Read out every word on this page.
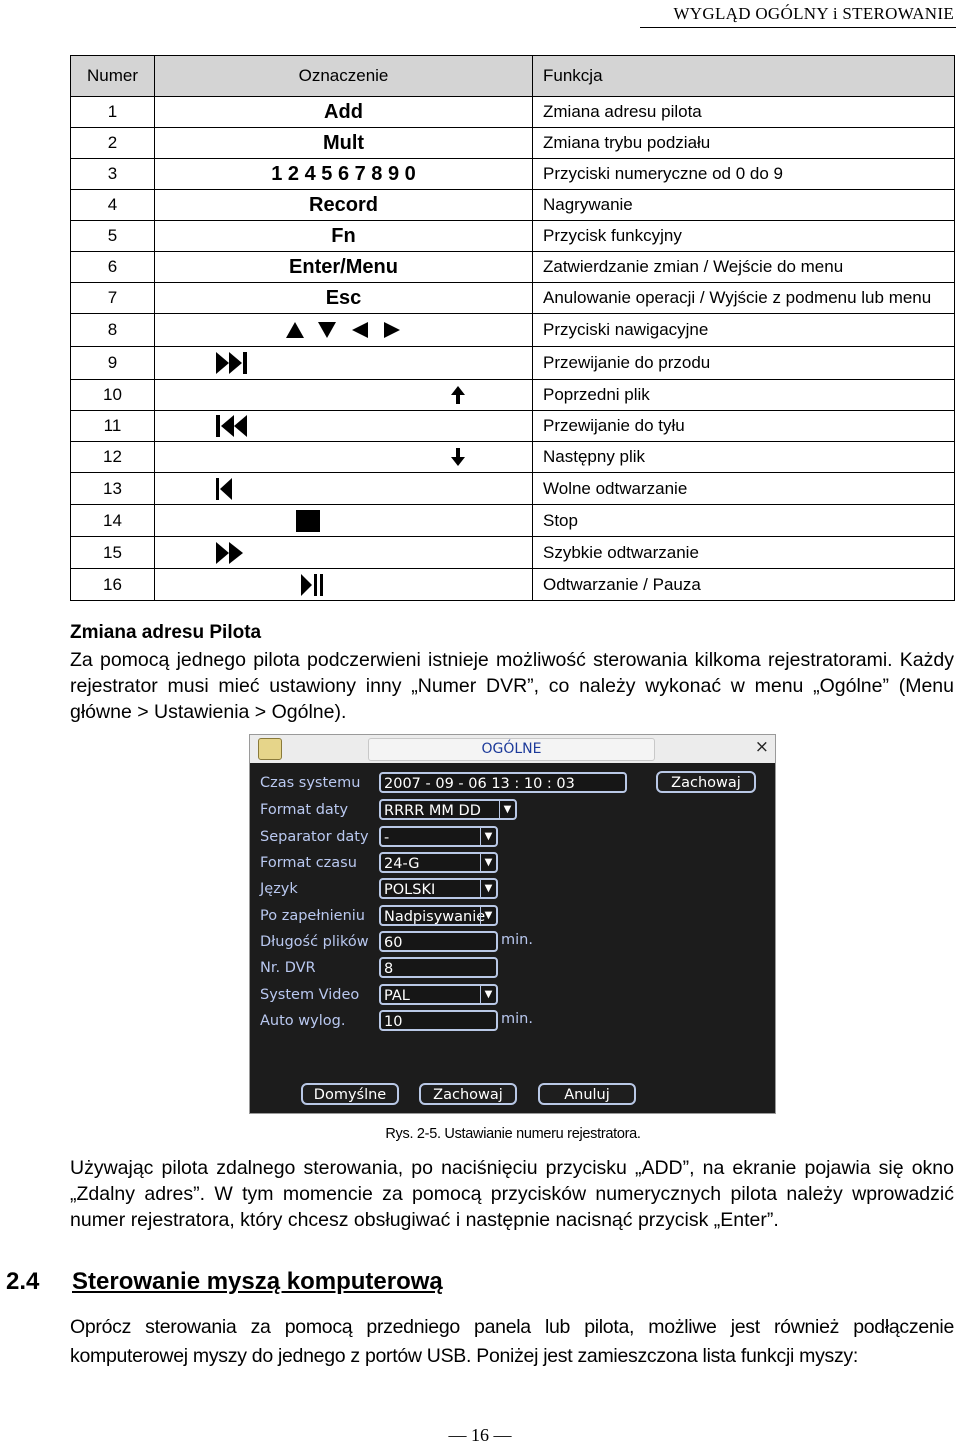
WYGLĄD OGÓLNY i STEROWANIE
Numer	Oznaczenie	Funkcja
1	Add	Zmiana adresu pilota
2	Mult	Zmiana trybu podziału
3	1 2 4 5 6 7 8 9 0	Przyciski numeryczne od 0 do 9
4	Record	Nagrywanie
5	Fn	Przycisk funkcyjny
6	Enter/Menu	Zatwierdzanie zmian / Wejście do menu
7	Esc	Anulowanie operacji / Wyjście z podmenu lub menu
8		Przyciski nawigacyjne
9		Przewijanie do przodu
10		Poprzedni plik
11		Przewijanie do tyłu
12		Następny plik
13		Wolne odtwarzanie
14		Stop
15		Szybkie odtwarzanie
16		Odtwarzanie / Pauza
Zmiana adresu Pilota
Za pomocą jednego pilota podczerwieni istnieje możliwość sterowania kilkoma rejestratorami. Każdy rejestrator musi mieć ustawiony inny „Numer DVR”, co należy wykonać w menu „Ogólne” (Menu główne > Ustawienia > Ogólne).
OGÓLNE	×
Czas systemu	2007 - 09 - 06 13 : 10 : 03	Zachowaj
Format daty	RRRR MM DD	▼
Separator daty	-	▼
Format czasu	24-G	▼
Język	POLSKI	▼
Po zapełnieniu	Nadpisywanie ▼
Długość plików	60	min.
Nr. DVR	8
System Video	PAL	▼
Auto wylog.	10	min.
Domyślne	Zachowaj	Anuluj
Rys. 2-5. Ustawianie numeru rejestratora.
Używając pilota zdalnego sterowania, po naciśnięciu przycisku „ADD”, na ekranie pojawia się okno „Zdalny adres”. W tym momencie za pomocą przycisków numerycznych pilota należy wprowadzić numer rejestratora, który chcesz obsługiwać i następnie nacisnąć przycisk „Enter”.
2.4 Sterowanie myszą komputerową
Oprócz sterowania za pomocą przedniego panela lub pilota, możliwe jest również podłączenie komputerowej myszy do jednego z portów USB. Poniżej jest zamieszczona lista funkcji myszy:
— 16 —
